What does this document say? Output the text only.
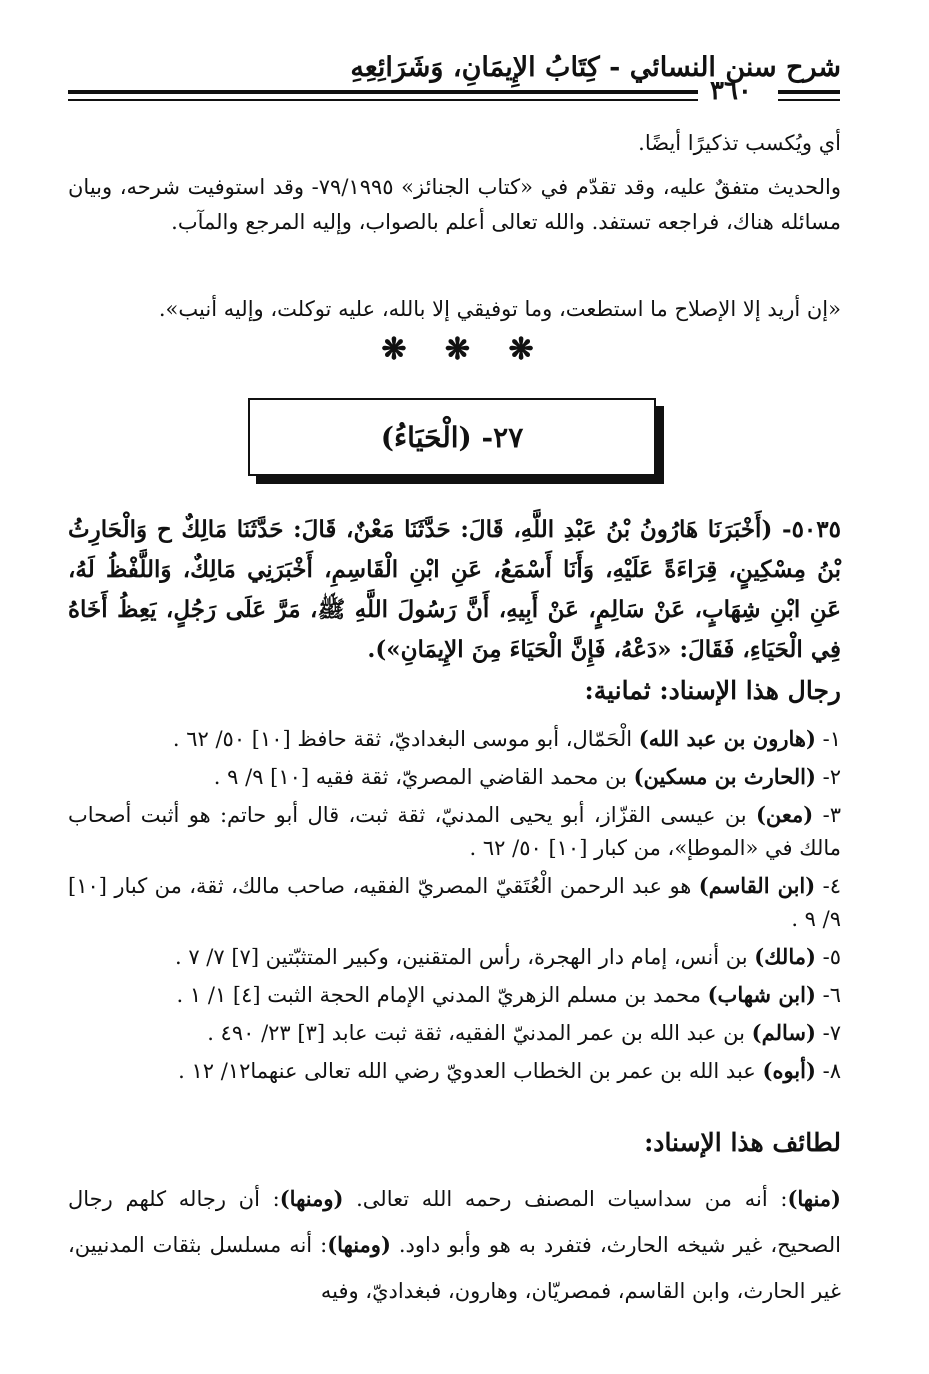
شرح سنن النسائي - كِتَابُ الإِيمَانِ، وَشَرَائِعِهِ
٣٦٠
أي ويُكسب تذكيرًا أيضًا.
والحديث متفقٌ عليه، وقد تقدّم في «كتاب الجنائز» ٧٩/١٩٩٥- وقد استوفيت شرحه، وبيان مسائله هناك، فراجعه تستفد. والله تعالى أعلم بالصواب، وإليه المرجع والمآب.
«إن أريد إلا الإصلاح ما استطعت، وما توفيقي إلا بالله، عليه توكلت، وإليه أنيب».
❋ ❋ ❋
٢٧- (الْحَيَاءُ)
٥٠٣٥- (أَخْبَرَنَا هَارُونُ بْنُ عَبْدِ اللَّهِ، قَالَ: حَدَّثَنَا مَعْنٌ، قَالَ: حَدَّثَنَا مَالِكٌ ح وَالْحَارِثُ بْنُ مِسْكِينٍ، قِرَاءَةً عَلَيْهِ، وَأَنَا أَسْمَعُ، عَنِ ابْنِ الْقَاسِمِ، أَخْبَرَنِي مَالِكٌ، وَاللَّفْظُ لَهُ، عَنِ ابْنِ شِهَابٍ، عَنْ سَالِمٍ، عَنْ أَبِيهِ، أَنَّ رَسُولَ اللَّهِ ﷺ، مَرَّ عَلَى رَجُلٍ، يَعِظُ أَخَاهُ فِي الْحَيَاءِ، فَقَالَ: «دَعْهُ، فَإِنَّ الْحَيَاءَ مِنَ الإِيمَانِ»).
رجال هذا الإسناد: ثمانية:
١- (هارون بن عبد الله) الْحَمّال، أبو موسى البغداديّ، ثقة حافظ [١٠] ٥٠/ ٦٢ .
٢- (الحارث بن مسكين) بن محمد القاضي المصريّ، ثقة فقيه [١٠] ٩/ ٩ .
٣- (معن) بن عيسى القزّاز، أبو يحيى المدنيّ، ثقة ثبت، قال أبو حاتم: هو أثبت أصحاب مالك في «الموطإ»، من كبار [١٠] ٥٠/ ٦٢ .
٤- (ابن القاسم) هو عبد الرحمن الْعُتَقيّ المصريّ الفقيه، صاحب مالك، ثقة، من كبار [١٠] ٩/ ٩ .
٥- (مالك) بن أنس، إمام دار الهجرة، رأس المتقنين، وكبير المتثبّتين [٧] ٧/ ٧ .
٦- (ابن شهاب) محمد بن مسلم الزهريّ المدني الإمام الحجة الثبت [٤] ١/ ١ .
٧- (سالم) بن عبد الله بن عمر المدنيّ الفقيه، ثقة ثبت عابد [٣] ٢٣/ ٤٩٠ .
٨- (أبوه) عبد الله بن عمر بن الخطاب العدويّ رضي الله تعالى عنهما١٢/ ١٢ .
لطائف هذا الإسناد:
(منها): أنه من سداسيات المصنف رحمه الله تعالى. (ومنها): أن رجاله كلهم رجال الصحيح، غير شيخه الحارث، فتفرد به هو وأبو داود. (ومنها): أنه مسلسل بثقات المدنيين، غير الحارث، وابن القاسم، فمصريّان، وهارون، فبغداديّ، وفيه
